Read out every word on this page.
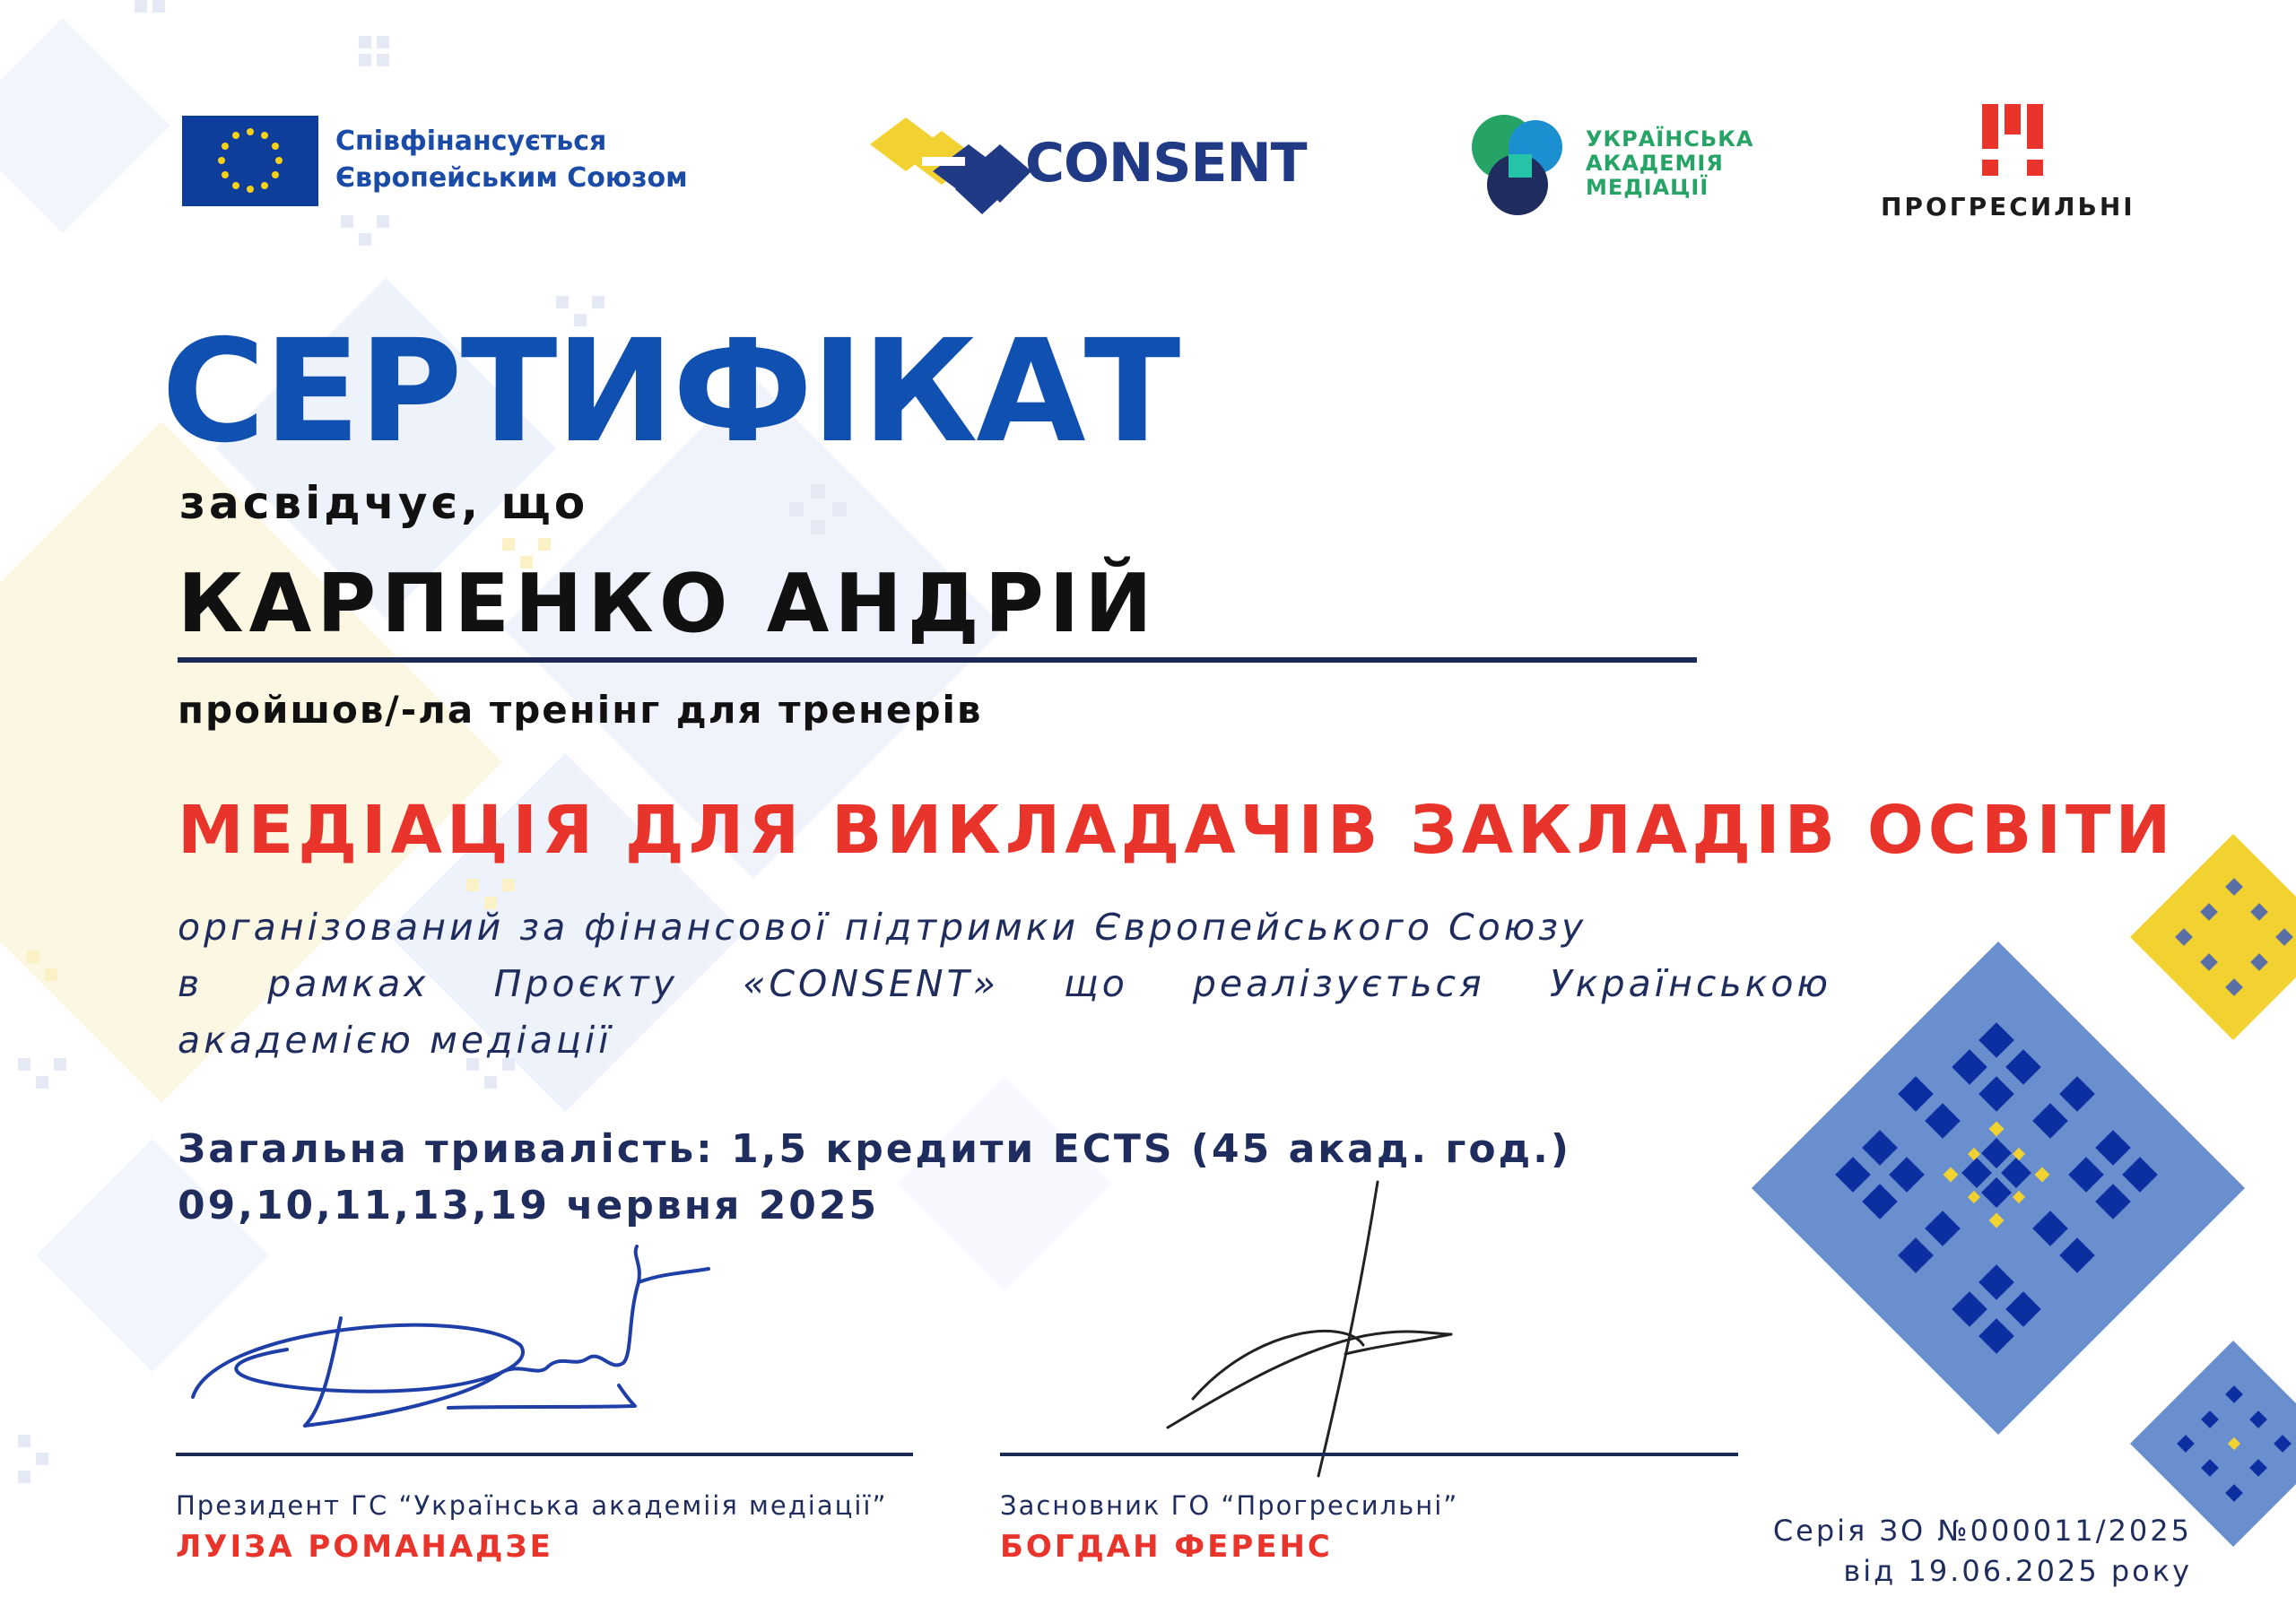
Співфінансується
Європейським Союзом	CONSENT	УКРАЇНСЬКА
АКАДЕМІЯ
МЕДІАЦІЇ
ПРОГРЕСИЛЬНІ
СЕРТИФІКАТ
засвідчує, що
КАРПЕНКО АНДРІЙ
пройшов/-ла тренінг для тренерів
МЕДІАЦІЯ ДЛЯ ВИКЛАДАЧІВ ЗАКЛАДІВ ОСВІТИ
організований за фінансової підтримки Європейського Союзу
в рамках Проєкту «CONSENT» що реалізується Українською
академією медіації
Загальна тривалість: 1,5 кредити ECTS (45 акад. год.)
09,10,11,13,19 червня 2025
Президент ГС “Українська академіія медіації”
ЛУІЗА РОМАНАДЗЕ
Засновник ГО “Прогресильні”
БОГДАН ФЕРЕНС	Серія ЗО №000011/2025
від 19.06.2025 року
